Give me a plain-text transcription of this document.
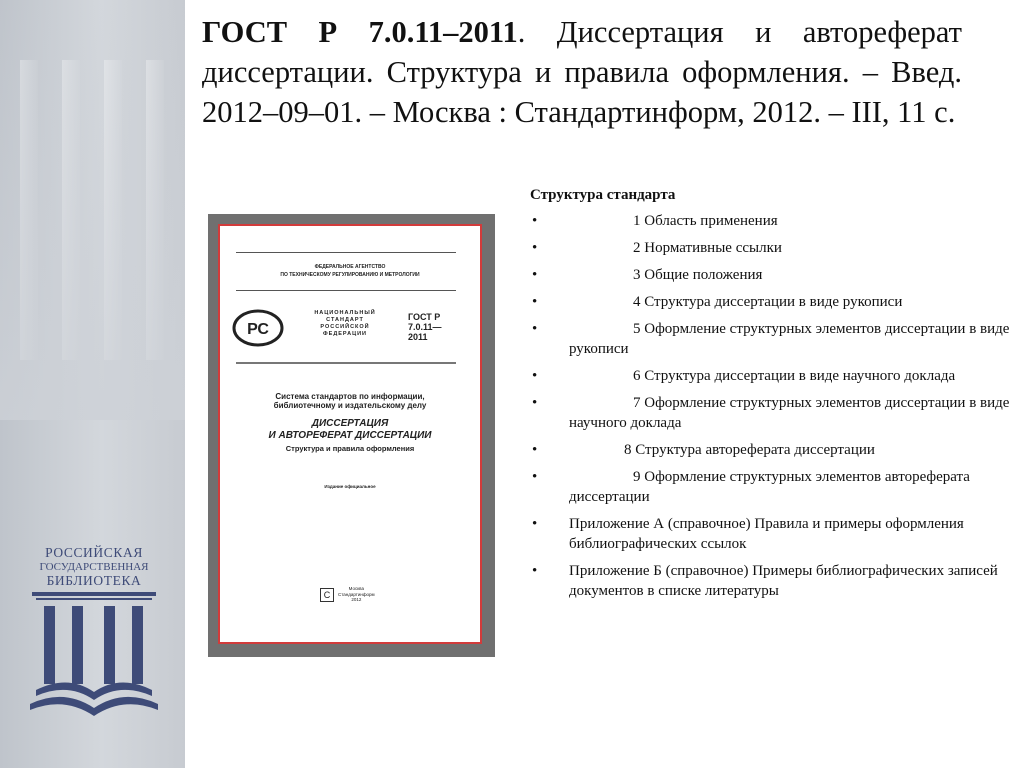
РОССИЙСКАЯ
ГОСУДАРСТВЕННАЯ
БИБЛИОТЕКА

ГОСТ Р 7.0.11–2011. Диссертация и автореферат диссертации. Структура и правила оформления. – Введ. 2012–09–01. – Москва : Стандартинформ, 2012. – III, 11 с.

ФЕДЕРАЛЬНОЕ АГЕНТСТВО
ПО ТЕХНИЧЕСКОМУ РЕГУЛИРОВАНИЮ И МЕТРОЛОГИИ
РС
НАЦИОНАЛЬНЫЙ
СТАНДАРТ
РОССИЙСКОЙ
ФЕДЕРАЦИИ
ГОСТ Р
7.0.11—
2011
Система стандартов по информации,
библиотечному и издательскому делу
ДИССЕРТАЦИЯ
И АВТОРЕФЕРАТ ДИССЕРТАЦИИ
Структура и правила оформления
Издание официальное
С
Москва
Стандартинформ
2012

Структура стандарта

•	1 Область применения
•	2 Нормативные ссылки
•	3 Общие положения
•	4 Структура диссертации в виде рукописи
•	5 Оформление структурных элементов диссертации в виде рукописи
•	6 Структура диссертации в виде научного доклада
•	7 Оформление структурных элементов диссертации в виде научного доклада
•	8 Структура автореферата диссертации
•	9 Оформление структурных элементов автореферата диссертации
• Приложение А (справочное) Правила и примеры оформления библиографических ссылок
• Приложение Б (справочное) Примеры библиографических записей документов в списке литературы
